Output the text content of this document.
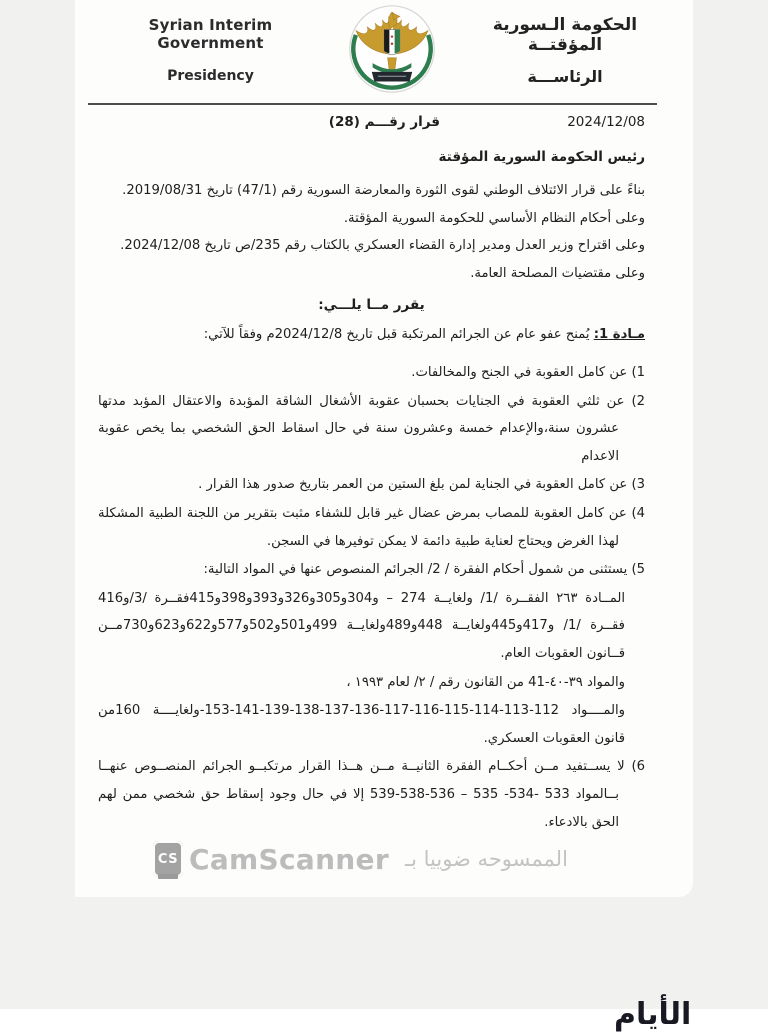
Syrian Interim Government
Presidency
الحكومة الـسورية المؤقتــة
الرئاســـة
2024/12/08
قرار رقـــم (28)
رئيس الحكومة السورية المؤقتة
بناءً على قرار الائتلاف الوطني لقوى الثورة والمعارضة السورية رقم (47/1) تاريخ 2019/08/31.
وعلى أحكام النظام الأساسي للحكومة السورية المؤقتة.
وعلى اقتراح وزير العدل ومدير إدارة القضاء العسكري بالكتاب رقم 235/ص تاريخ 2024/12/08.
وعلى مقتضيات المصلحة العامة.
يقرر مــا يلـــي:
مـادة 1: يُمنح عفو عام عن الجرائم المرتكبة قبل تاريخ 2024/12/8م وفقاً للآتي:
1) عن كامل العقوبة في الجنح والمخالفات.
2) عن ثلثي العقوبة في الجنايات بحسبان عقوبة الأشغال الشاقة المؤبدة والاعتقال المؤبد مدتها عشرون سنة،والإعدام خمسة وعشرون سنة في حال اسقاط الحق الشخصي بما يخص عقوبة الاعدام
3) عن كامل العقوبة في الجناية لمن بلغ الستين من العمر بتاريخ صدور هذا القرار .
4) عن كامل العقوبة للمصاب بمرض عضال غير قابل للشفاء مثبت بتقرير من اللجنة الطبية المشكلة لهذا الغرض ويحتاج لعناية طبية دائمة لا يمكن توفيرها في السجن.
5) يستثنى من شمول أحكام الفقرة / 2/ الجرائم المنصوص عنها في المواد التالية:
المــادة ٢٦٣ الفقــرة /1/ ولغايــة 274 – و304و305و326و393و398و415فقــرة /3/و416 فقــرة /1/ و417و445ولغايــة 448و489ولغايــة 499و501و502و577و622و623و730مــن قــانون العقوبات العام.
والمواد ٣٩-٤٠-41 من القانون رقم / ٢/ لعام ١٩٩٣ ،
والمــــواد 112-‏113-‏114-‏115-‏116-‏117-‏136-‏137-‏138-‏139-‏141-‏153-ولغايــــة 160من قانون العقوبات العسكري.
6) لا يســتفيد مــن أحكــام الفقرة الثانيــة مــن هــذا القرار مرتكبــو الجرائم المنصــوص عنهــا بــالمواد 533 -‏534- 535 – 536-‏538-‏539 إلا في حال وجود إسقاط حق شخصي ممن لهم الحق بالادعاء.
CS CamScanner الممسوحه ضوييا بـ
الأيام
